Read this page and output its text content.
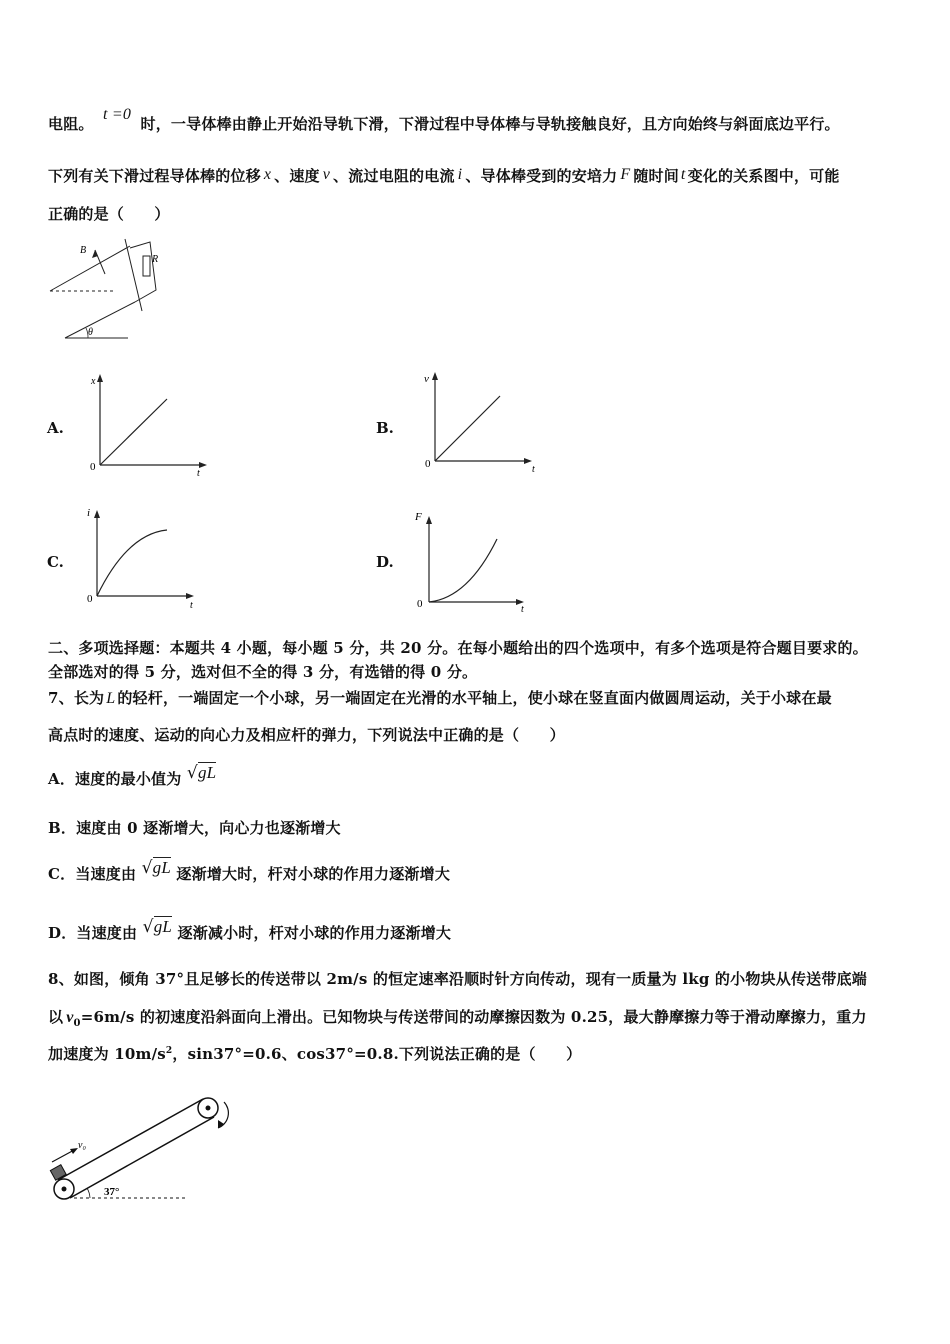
电阻。 t =0 时，一导体棒由静止开始沿导轨下滑，下滑过程中导体棒与导轨接触良好，且方向始终与斜面底边平行。
下列有关下滑过程导体棒的位移 x 、速度 v 、流过电阻的电流 i 、导体棒受到的安培力 F 随时间 t 变化的关系图中，可能
正确的是（　　）
B
R
θ
A.
x
t
0
B.
v
t
0
C.
i
t
0
D.
F
t
0
二、多项选择题：本题共 4 小题，每小题 5 分，共 20 分。在每小题给出的四个选项中，有多个选项是符合题目要求的。
全部选对的得 5 分，选对但不全的得 3 分，有选错的得 0 分。
7、长为 L 的轻杆，一端固定一个小球，另一端固定在光滑的水平轴上，使小球在竖直面内做圆周运动，关于小球在最
高点时的速度、运动的向心力及相应杆的弹力，下列说法中正确的是（　　）
A．速度的最小值为 √gL
B．速度由 0 逐渐增大，向心力也逐渐增大
C．当速度由 √gL 逐渐增大时，杆对小球的作用力逐渐增大
D．当速度由 √gL 逐渐减小时，杆对小球的作用力逐渐增大
8、如图，倾角 37°且足够长的传送带以 2m/s 的恒定速率沿顺时针方向传动，现有一质量为 lkg 的小物块从传送带底端
以 $v_0=6m/s$ 的初速度沿斜面向上滑出。已知物块与传送带间的动摩擦因数为 0.25，最大静摩擦力等于滑动摩擦力，重力
加速度为 $10m/s^2$，sin37°=0.6、cos37°=0.8.下列说法正确的是（　　）
v₀
37°
